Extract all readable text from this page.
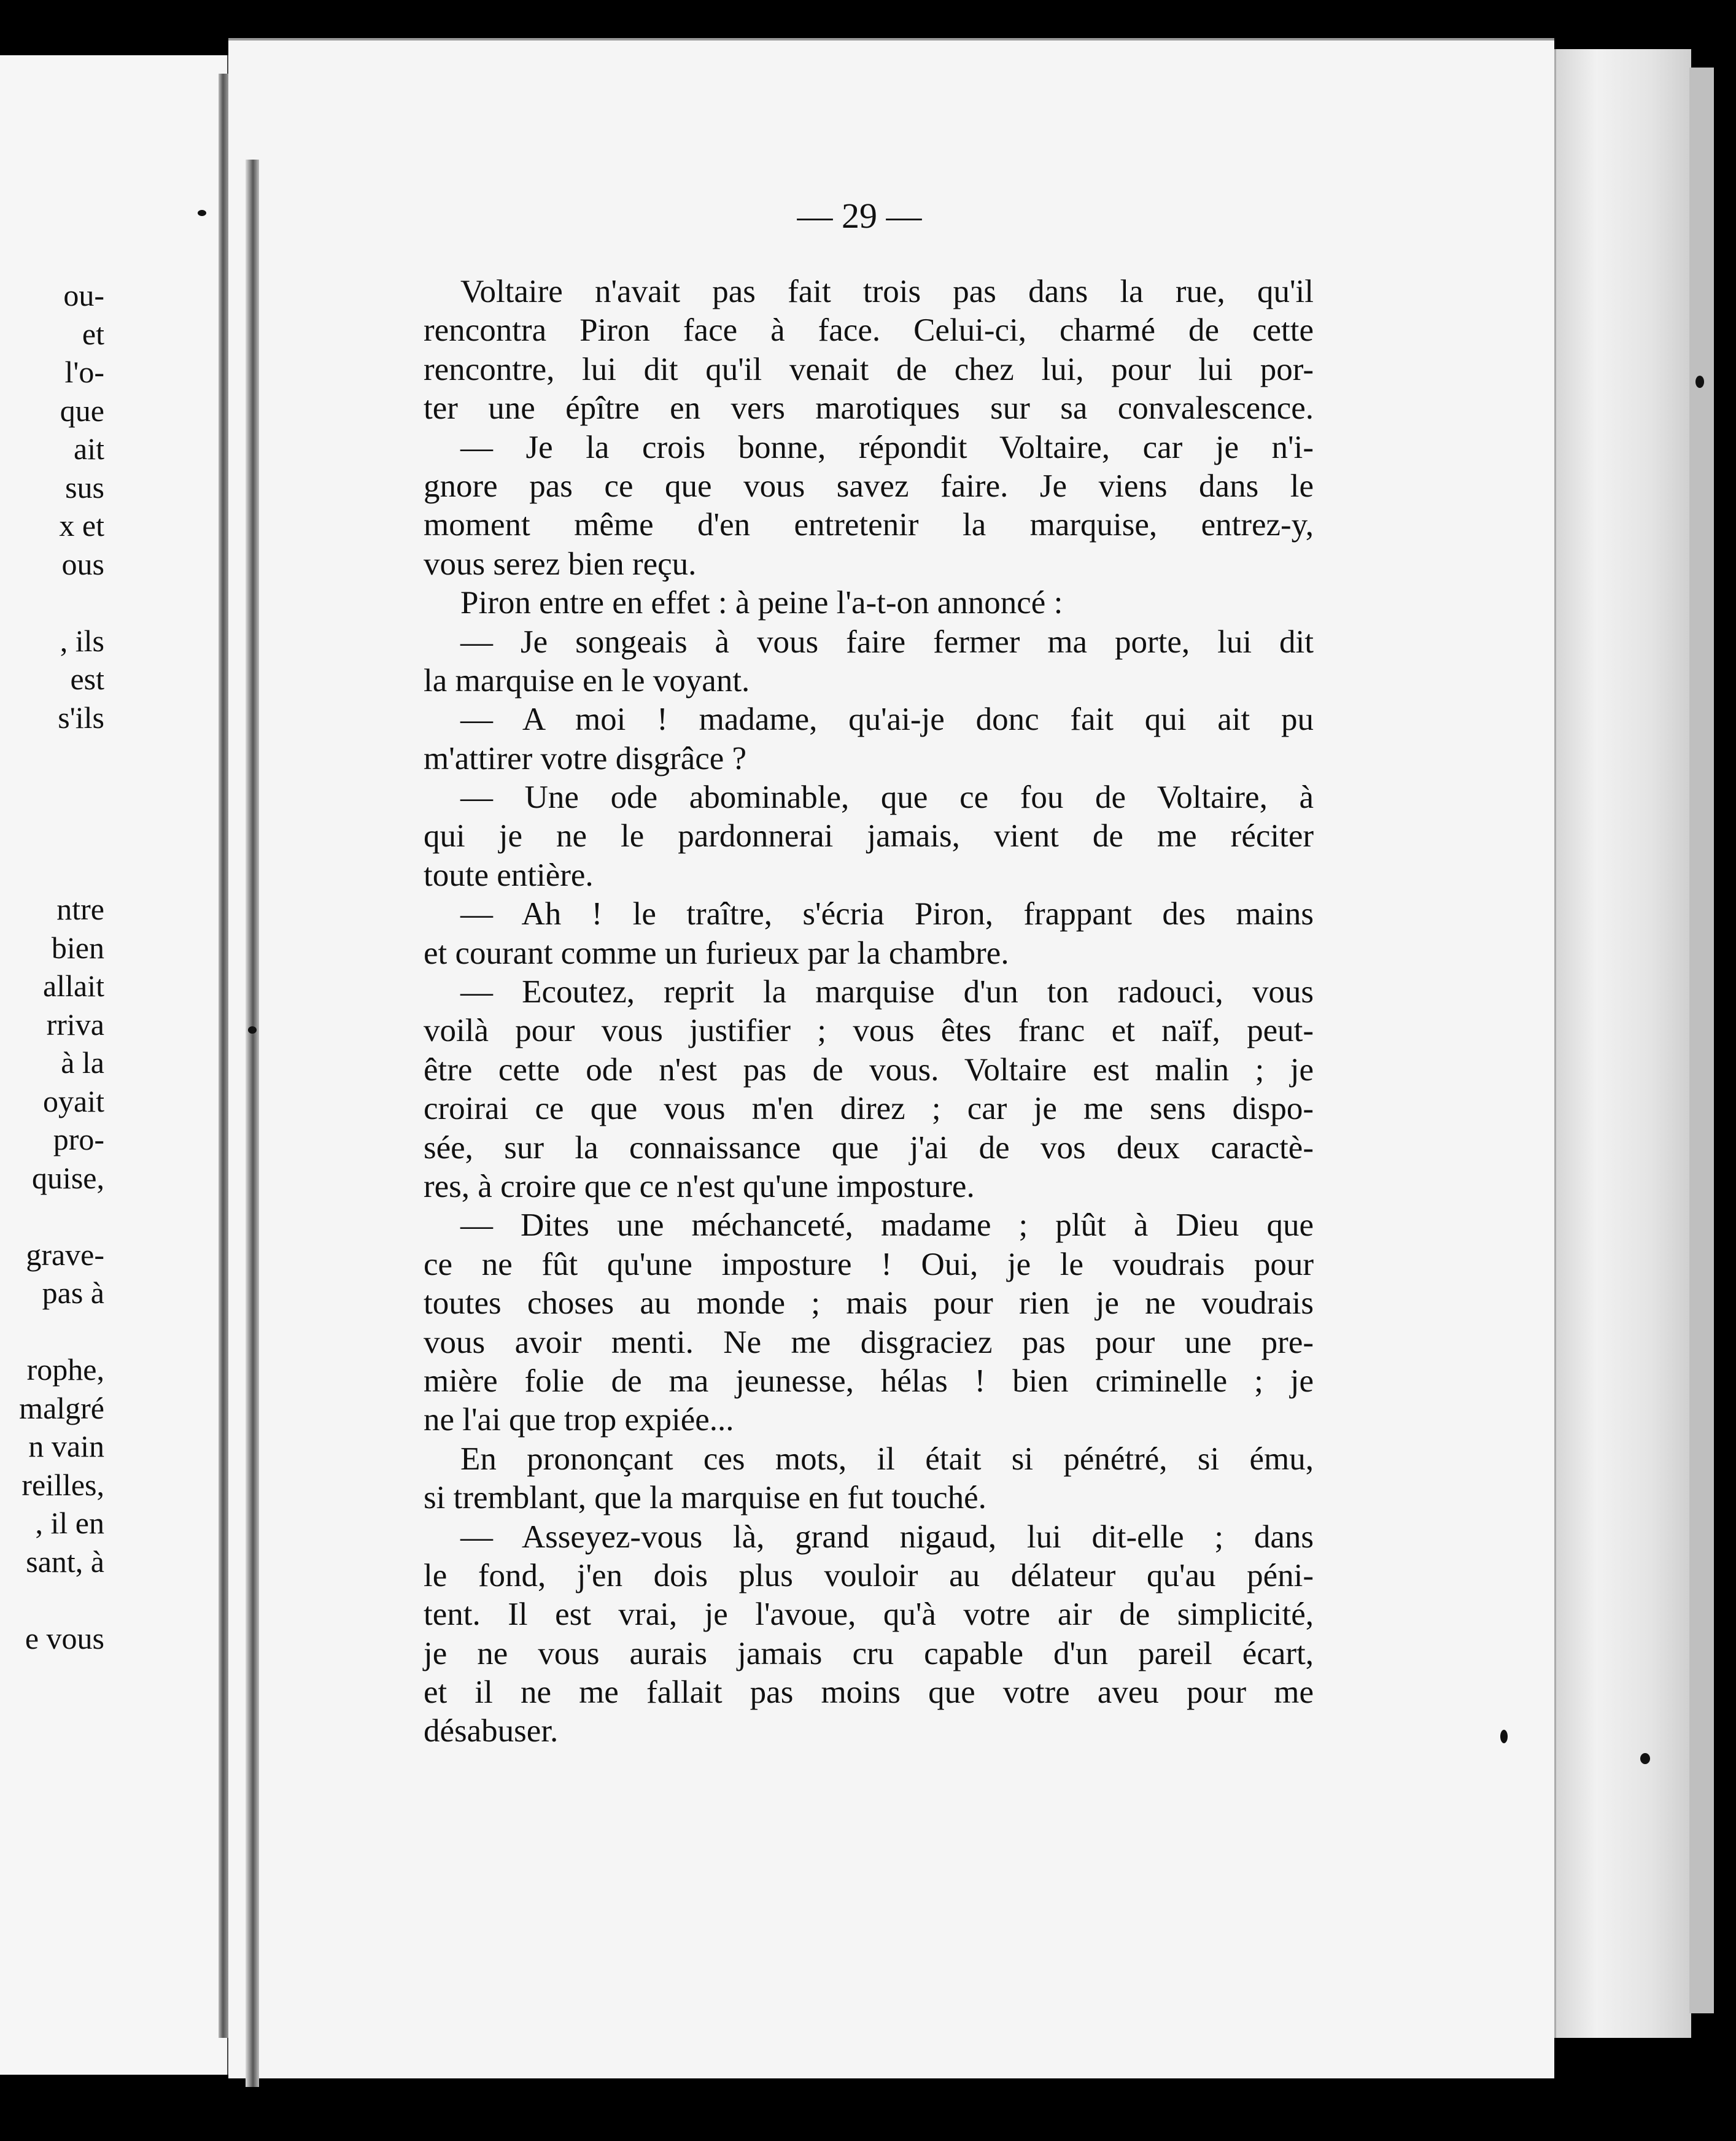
ou-
et
l'o-
que
ait
sus
x et
ous
, ils
est
s'ils
ntre
bien
allait
rriva
à la
oyait
pro-
quise,
grave-
pas à
rophe,
malgré
n vain
reilles,
, il en
sant, à
e vous
— 29 —
Voltaire n'avait pas fait trois pas dans la rue, qu'il
rencontra Piron face à face. Celui-ci, charmé de cette
rencontre, lui dit qu'il venait de chez lui, pour lui por-
ter une épître en vers marotiques sur sa convalescence.
— Je la crois bonne, répondit Voltaire, car je n'i-
gnore pas ce que vous savez faire. Je viens dans le
moment même d'en entretenir la marquise, entrez-y,
vous serez bien reçu.
Piron entre en effet : à peine l'a-t-on annoncé :
— Je songeais à vous faire fermer ma porte, lui dit
la marquise en le voyant.
— A moi ! madame, qu'ai-je donc fait qui ait pu
m'attirer votre disgrâce ?
— Une ode abominable, que ce fou de Voltaire, à
qui je ne le pardonnerai jamais, vient de me réciter
toute entière.
— Ah ! le traître, s'écria Piron, frappant des mains
et courant comme un furieux par la chambre.
— Ecoutez, reprit la marquise d'un ton radouci, vous
voilà pour vous justifier ; vous êtes franc et naïf, peut-
être cette ode n'est pas de vous. Voltaire est malin ; je
croirai ce que vous m'en direz ; car je me sens dispo-
sée, sur la connaissance que j'ai de vos deux caractè-
res, à croire que ce n'est qu'une imposture.
— Dites une méchanceté, madame ; plût à Dieu que
ce ne fût qu'une imposture ! Oui, je le voudrais pour
toutes choses au monde ; mais pour rien je ne voudrais
vous avoir menti. Ne me disgraciez pas pour une pre-
mière folie de ma jeunesse, hélas ! bien criminelle ; je
ne l'ai que trop expiée...
En prononçant ces mots, il était si pénétré, si ému,
si tremblant, que la marquise en fut touché.
— Asseyez-vous là, grand nigaud, lui dit-elle ; dans
le fond, j'en dois plus vouloir au délateur qu'au péni-
tent. Il est vrai, je l'avoue, qu'à votre air de simplicité,
je ne vous aurais jamais cru capable d'un pareil écart,
et il ne me fallait pas moins que votre aveu pour me
désabuser.
